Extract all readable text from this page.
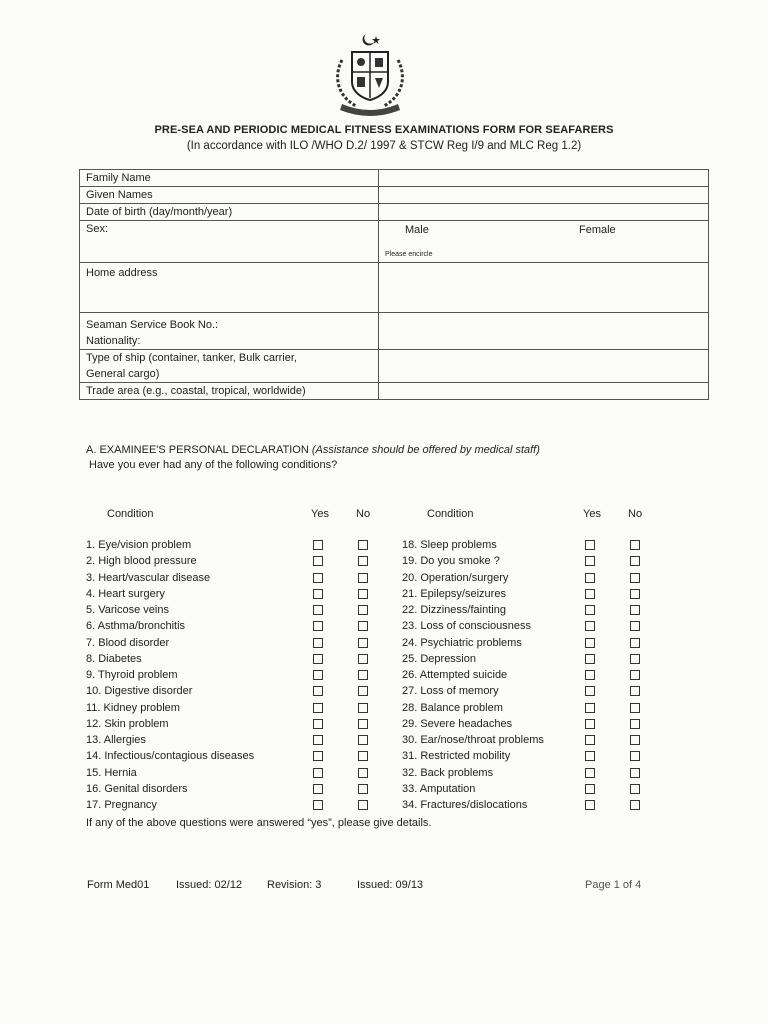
PRE-SEA AND PERIODIC MEDICAL FITNESS EXAMINATIONS FORM FOR SEAFARERS
(In accordance with ILO /WHO D.2/ 1997 & STCW Reg I/9 and MLC Reg 1.2)
Family Name	

Given Names	

Date of birth (day/month/year)	

Sex:	Male Female
Please encircle

Home address	

Seaman Service Book No.:
Nationality:	

Type of ship (container, tanker, Bulk carrier,
General cargo)	

Trade area (e.g., coastal, tropical, worldwide)	

A. EXAMINEE'S PERSONAL DECLARATION (Assistance should be offered by medical staff)
Have you ever had any of the following conditions?
Condition	Yes No	Condition	Yes No
1. Eye/vision problem
2. High blood pressure
3. Heart/vascular disease
4. Heart surgery
5. Varicose veins
6. Asthma/bronchitis
7. Blood disorder
8. Diabetes
9. Thyroid problem
10. Digestive disorder
11. Kidney problem
12. Skin problem
13. Allergies
14. Infectious/contagious diseases
15. Hernia
16. Genital disorders
17. Pregnancy
18. Sleep problems
19. Do you smoke ?
20. Operation/surgery
21. Epilepsy/seizures
22. Dizziness/fainting
23. Loss of consciousness
24. Psychiatric problems
25. Depression
26. Attempted suicide
27. Loss of memory
28. Balance problem
29. Severe headaches
30. Ear/nose/throat problems
31. Restricted mobility
32. Back problems
33. Amputation
34. Fractures/dislocations
If any of the above questions were answered “yes”, please give details.
Form Med01 Issued: 02/12 Revision: 3	Issued: 09/13	Page 1 of 4
